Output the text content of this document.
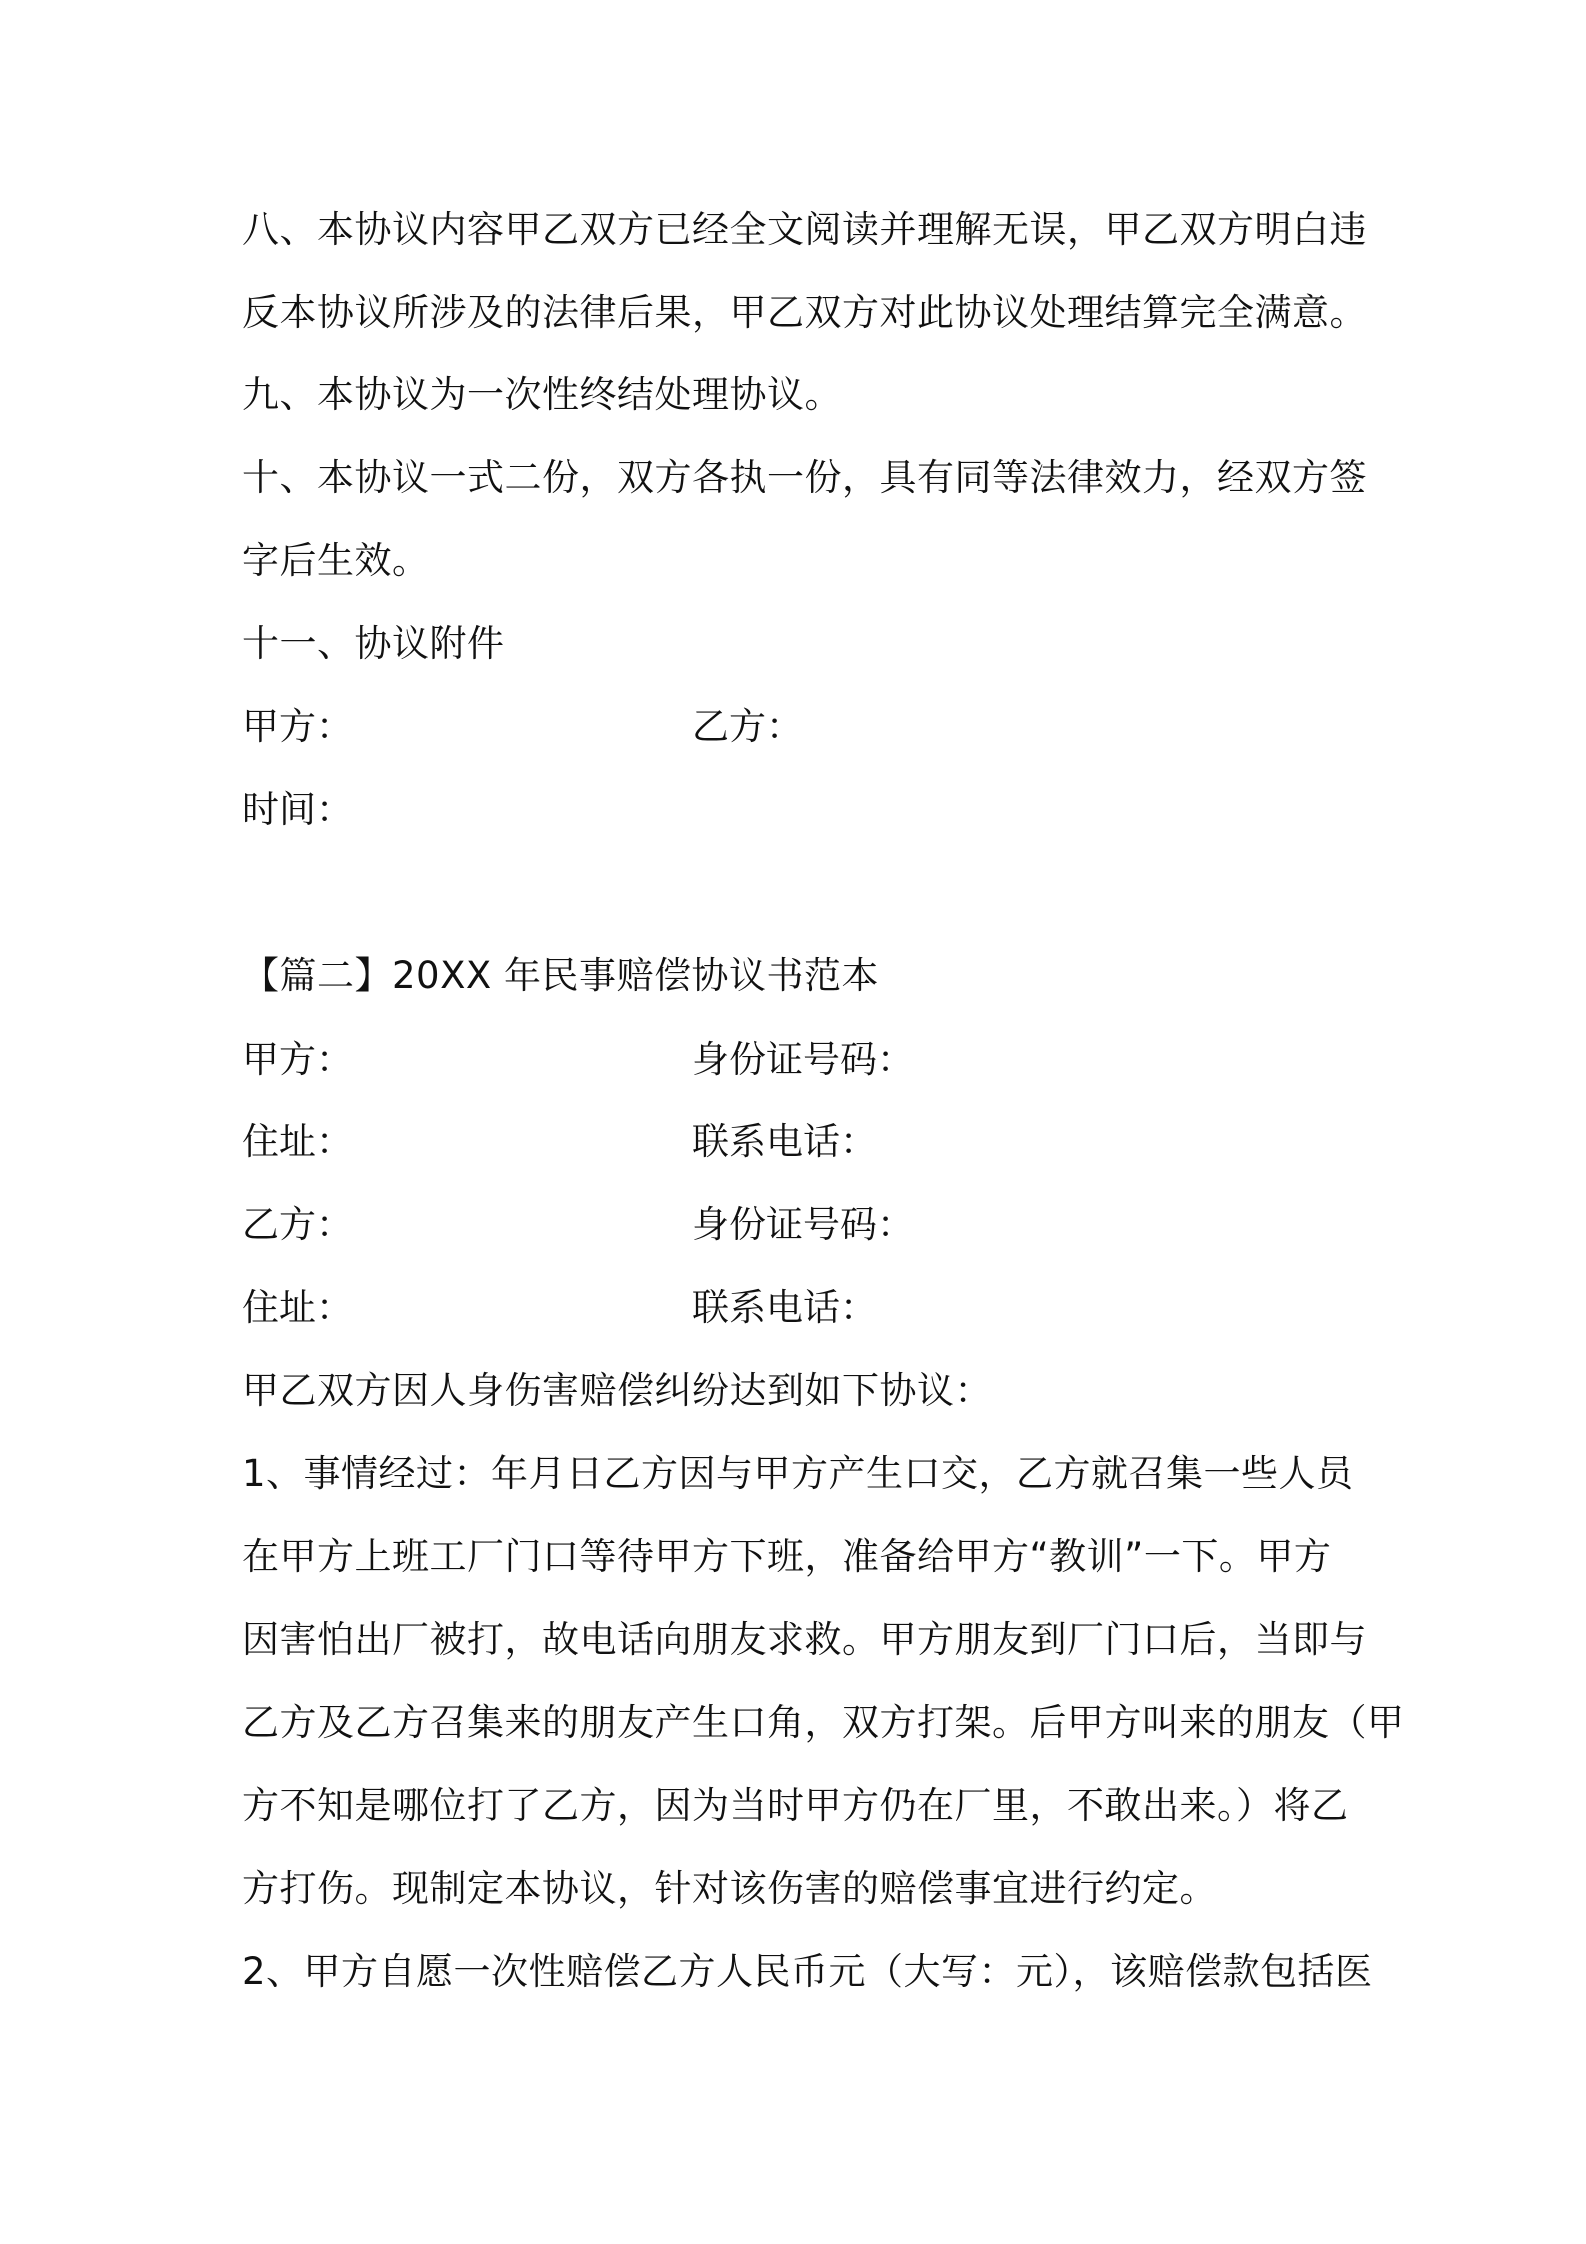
八、本协议内容甲乙双方已经全文阅读并理解无误，甲乙双方明白违
反本协议所涉及的法律后果，甲乙双方对此协议处理结算完全满意。
九、本协议为一次性终结处理协议。
十、本协议一式二份，双方各执一份，具有同等法律效力，经双方签
字后生效。
十一、协议附件
甲方：	乙方：
时间：
【篇二】20XX 年民事赔偿协议书范本
甲方：	身份证号码：
住址：	联系电话：
乙方：	身份证号码：
住址：	联系电话：
甲乙双方因人身伤害赔偿纠纷达到如下协议：
1、事情经过：年月日乙方因与甲方产生口交，乙方就召集一些人员
在甲方上班工厂门口等待甲方下班，准备给甲方“教训”一下。甲方
因害怕出厂被打，故电话向朋友求救。甲方朋友到厂门口后，当即与
乙方及乙方召集来的朋友产生口角，双方打架。后甲方叫来的朋友（甲
方不知是哪位打了乙方，因为当时甲方仍在厂里，不敢出来。）将乙
方打伤。现制定本协议，针对该伤害的赔偿事宜进行约定。
2、甲方自愿一次性赔偿乙方人民币元（大写：元），该赔偿款包括医
